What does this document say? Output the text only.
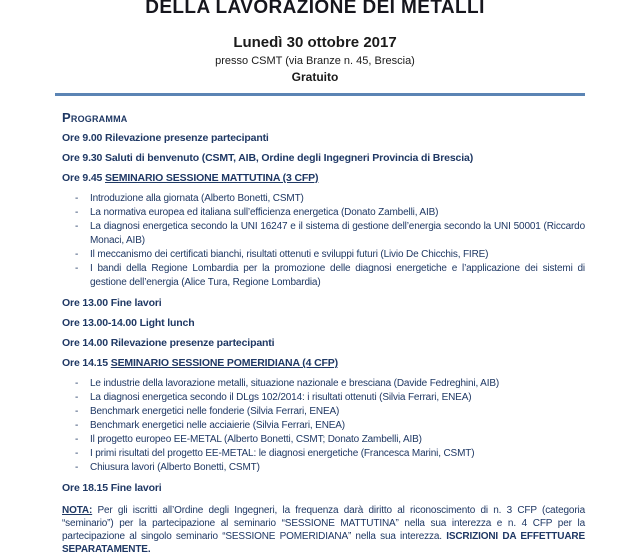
DELLA LAVORAZIONE DEI METALLI
Lunedì 30 ottobre 2017
presso CSMT (via Branze n. 45, Brescia)
Gratuito
Programma

Ore 9.00 Rilevazione presenze partecipanti

Ore 9.30 Saluti di benvenuto (CSMT, AIB, Ordine degli Ingegneri Provincia di Brescia)

Ore 9.45 SEMINARIO SESSIONE MATTUTINA (3 CFP)

- Introduzione alla giornata (Alberto Bonetti, CSMT)
- La normativa europea ed italiana sull’efficienza energetica (Donato Zambelli, AIB)
- La diagnosi energetica secondo la UNI 16247 e il sistema di gestione dell’energia secondo la UNI 50001 (Riccardo Monaci, AIB)
- Il meccanismo dei certificati bianchi, risultati ottenuti e sviluppi futuri (Livio De Chicchis, FIRE)
- I bandi della Regione Lombardia per la promozione delle diagnosi energetiche e l’applicazione dei sistemi di gestione dell’energia (Alice Tura, Regione Lombardia)

Ore 13.00 Fine lavori

Ore 13.00-14.00 Light lunch

Ore 14.00 Rilevazione presenze partecipanti

Ore 14.15 SEMINARIO SESSIONE POMERIDIANA (4 CFP)

- Le industrie della lavorazione metalli, situazione nazionale e bresciana (Davide Fedreghini, AIB)
- La diagnosi energetica secondo il DLgs 102/2014: i risultati ottenuti (Silvia Ferrari, ENEA)
- Benchmark energetici nelle fonderie (Silvia Ferrari, ENEA)
- Benchmark energetici nelle acciaierie (Silvia Ferrari, ENEA)
- Il progetto europeo EE-METAL (Alberto Bonetti, CSMT; Donato Zambelli, AIB)
- I primi risultati del progetto EE-METAL: le diagnosi energetiche (Francesca Marini, CSMT)
- Chiusura lavori (Alberto Bonetti, CSMT)

Ore 18.15 Fine lavori

NOTA: Per gli iscritti all’Ordine degli Ingegneri, la frequenza darà diritto al riconoscimento di n. 3 CFP (categoria “seminario”) per la partecipazione al seminario “SESSIONE MATTUTINA” nella sua interezza e n. 4 CFP per la partecipazione al singolo seminario “SESSIONE POMERIDIANA” nella sua interezza. ISCRIZIONI DA EFFETTUARE SEPARATAMENTE.
